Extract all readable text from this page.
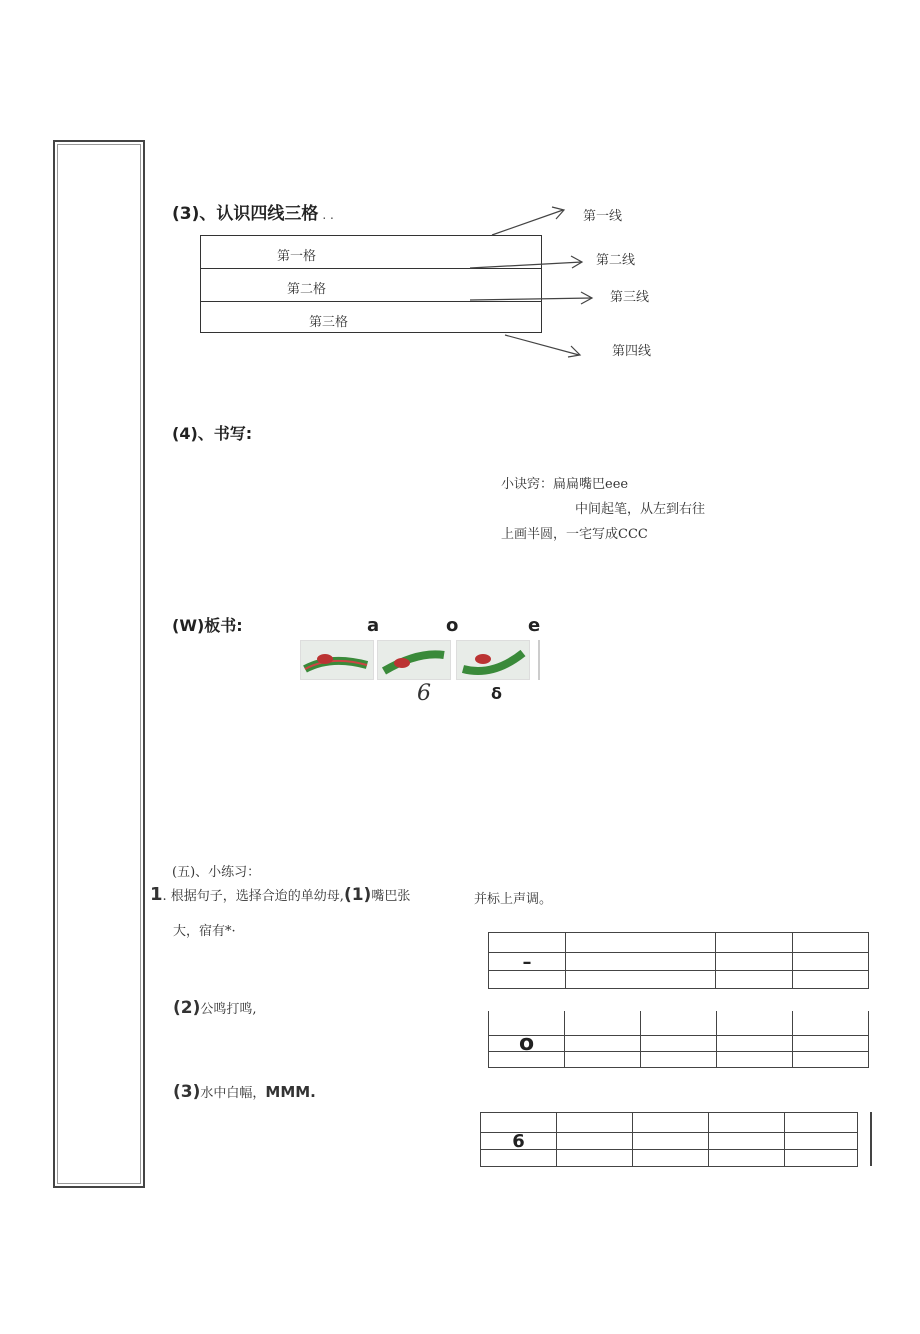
(3)、认识四线三格 . .
第一格
第二格
第三格
第一线
第二线
第三线
第四线
(4)、书写:
小诀窍：扁扁嘴巴eee
中间起笔，从左到右往
上画半圆，一宅写成CCC
(W)板书:	a	o	e
6	δ
(五)、小练习：
1. 根据句子，选择合迨的单幼母,(1)嘴巴张	并标上声调。
大，宿有*·

–			

(2)公鸣打鸣,

o				

(3)水中白幅，MMM.

6				
